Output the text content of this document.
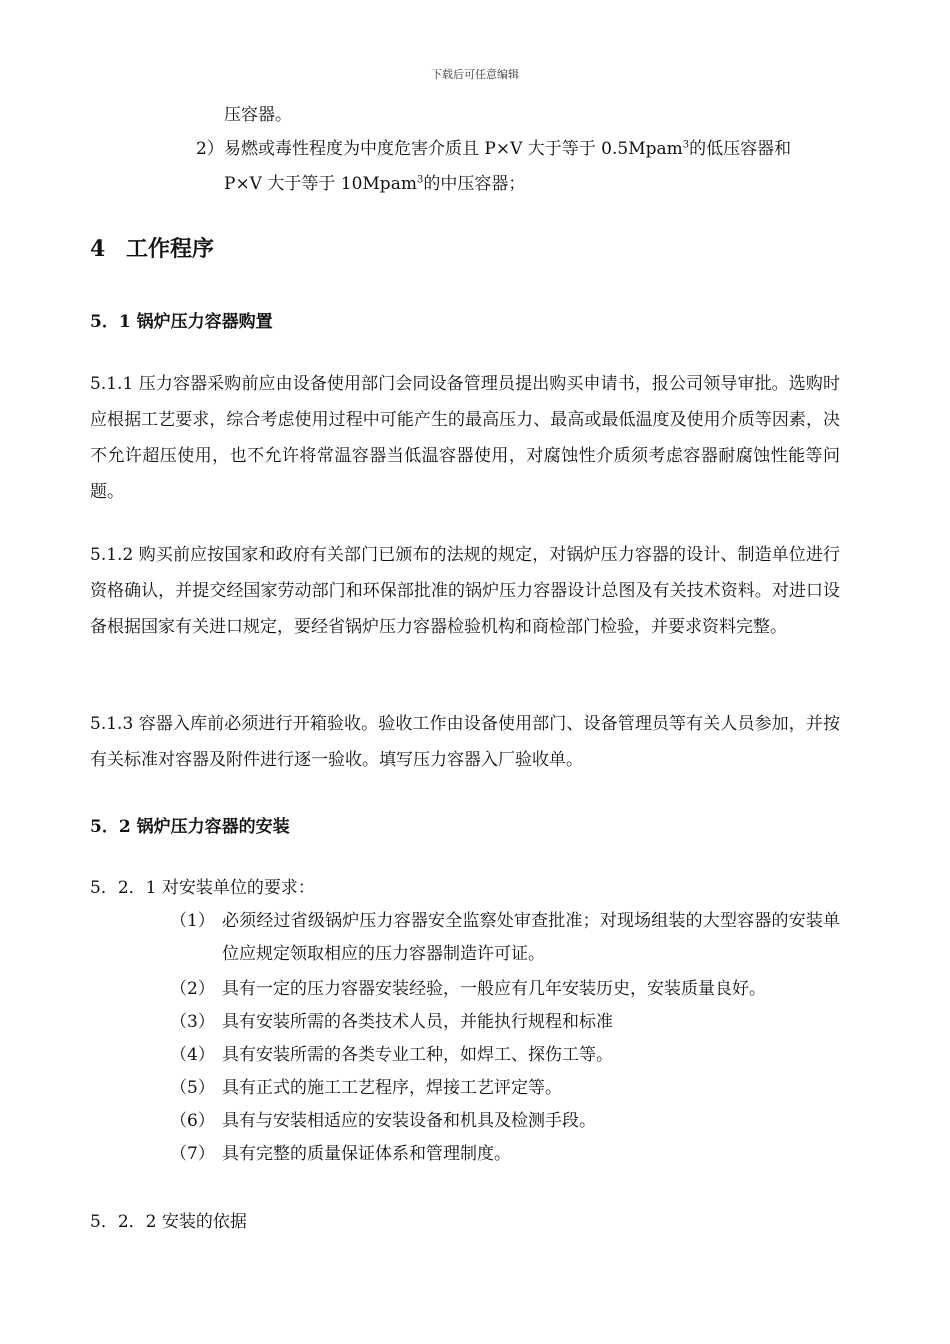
下载后可任意编辑
压容器。
2） 易燃或毒性程度为中度危害介质且 P×V 大于等于 0.5Mpam$^3$的低压容器和
P×V 大于等于 10Mpam$^3$的中压容器；
4 工作程序
5．1 锅炉压力容器购置
5.1.1 压力容器采购前应由设备使用部门会同设备管理员提出购买申请书，报公司领导审批。选购时应根据工艺要求，综合考虑使用过程中可能产生的最高压力、最高或最低温度及使用介质等因素，决不允许超压使用，也不允许将常温容器当低温容器使用，对腐蚀性介质须考虑容器耐腐蚀性能等问题。
5.1.2 购买前应按国家和政府有关部门已颁布的法规的规定，对锅炉压力容器的设计、制造单位进行资格确认，并提交经国家劳动部门和环保部批准的锅炉压力容器设计总图及有关技术资料。对进口设备根据国家有关进口规定，要经省锅炉压力容器检验机构和商检部门检验，并要求资料完整。
5.1.3 容器入库前必须进行开箱验收。验收工作由设备使用部门、设备管理员等有关人员参加，并按有关标准对容器及附件进行逐一验收。填写压力容器入厂验收单。
5．2 锅炉压力容器的安装
5．2．1 对安装单位的要求：
（1） 必须经过省级锅炉压力容器安全监察处审查批准；对现场组装的大型容器的安装单位应规定领取相应的压力容器制造许可证。
（2） 具有一定的压力容器安装经验，一般应有几年安装历史，安装质量良好。
（3） 具有安装所需的各类技术人员，并能执行规程和标准
（4） 具有安装所需的各类专业工种，如焊工、探伤工等。
（5） 具有正式的施工工艺程序，焊接工艺评定等。
（6） 具有与安装相适应的安装设备和机具及检测手段。
（7） 具有完整的质量保证体系和管理制度。
5．2．2 安装的依据
